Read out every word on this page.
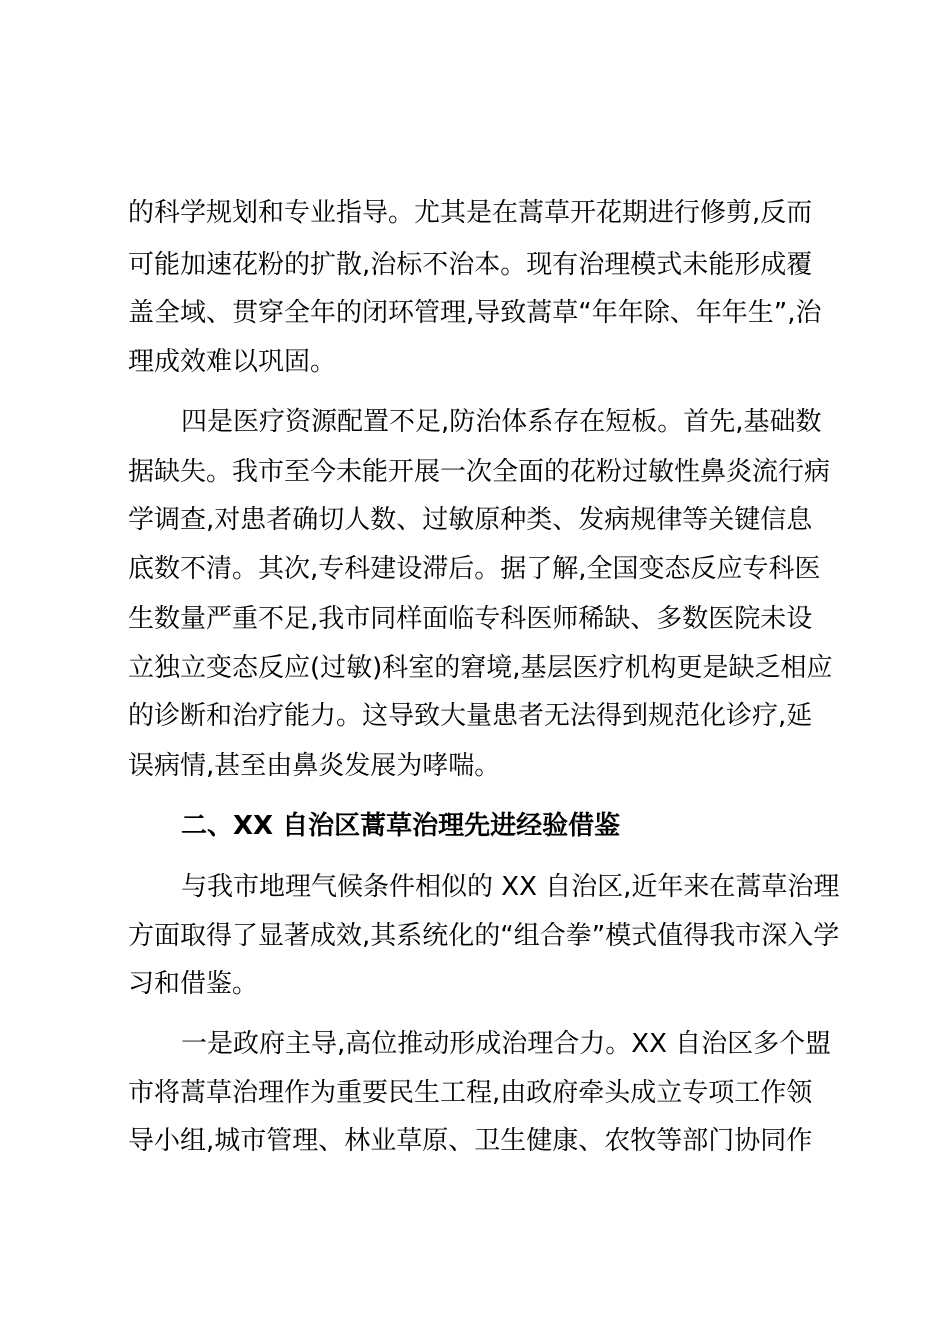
的科学规划和专业指导。尤其是在蒿草开花期进行修剪,反而
可能加速花粉的扩散,治标不治本。现有治理模式未能形成覆
盖全域、贯穿全年的闭环管理,导致蒿草“年年除、年年生”,治
理成效难以巩固。
四是医疗资源配置不足,防治体系存在短板。首先,基础数
据缺失。我市至今未能开展一次全面的花粉过敏性鼻炎流行病
学调查,对患者确切人数、过敏原种类、发病规律等关键信息
底数不清。其次,专科建设滞后。据了解,全国变态反应专科医
生数量严重不足,我市同样面临专科医师稀缺、多数医院未设
立独立变态反应(过敏)科室的窘境,基层医疗机构更是缺乏相应
的诊断和治疗能力。这导致大量患者无法得到规范化诊疗,延
误病情,甚至由鼻炎发展为哮喘。
二、XX 自治区蒿草治理先进经验借鉴
与我市地理气候条件相似的 XX 自治区,近年来在蒿草治理
方面取得了显著成效,其系统化的“组合拳”模式值得我市深入学
习和借鉴。
一是政府主导,高位推动形成治理合力。XX 自治区多个盟
市将蒿草治理作为重要民生工程,由政府牵头成立专项工作领
导小组,城市管理、林业草原、卫生健康、农牧等部门协同作
